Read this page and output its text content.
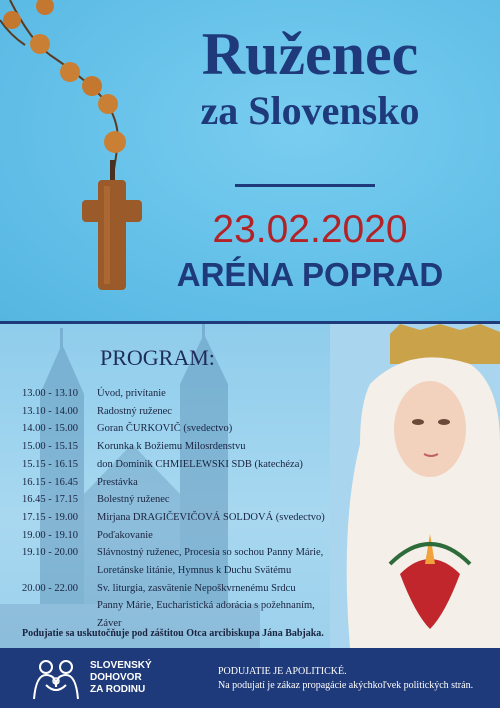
Ruženec
za Slovensko
23.02.2020
ARÉNA POPRAD
PROGRAM:
13.00 - 13.10	Úvod, privítanie
13.10 - 14.00	Radostný ruženec
14.00 - 15.00	Goran ČURKOVIČ (svedectvo)
15.00 - 15.15	Korunka k Božiemu Milosrdenstvu
15.15 - 16.15	don Dominik CHMIELEWSKI SDB (katechéza)
16.15 - 16.45	Prestávka
16.45 - 17.15	Bolestný ruženec
17.15 - 19.00	Mirjana DRAGIČEVIČOVÁ SOLDOVÁ (svedectvo)
19.00 - 19.10	Poďakovanie
19.10 - 20.00	Slávnostný ruženec, Procesia so sochou Panny Márie,
Loretánske litánie, Hymnus k Duchu Svätému
20.00 - 22.00	Sv. liturgia, zasvätenie Nepoškvrnenému Srdcu
Panny Márie, Eucharistická adorácia s požehnaním,
Záver
Podujatie sa uskutočňuje pod záštitou Otca arcibiskupa Jána Babjaka.
SLOVENSKÝ
DOHOVOR
ZA RODINU
PODUJATIE JE APOLITICKÉ.
Na podujatí je zákaz propagácie akýchkoľvek politických strán.
